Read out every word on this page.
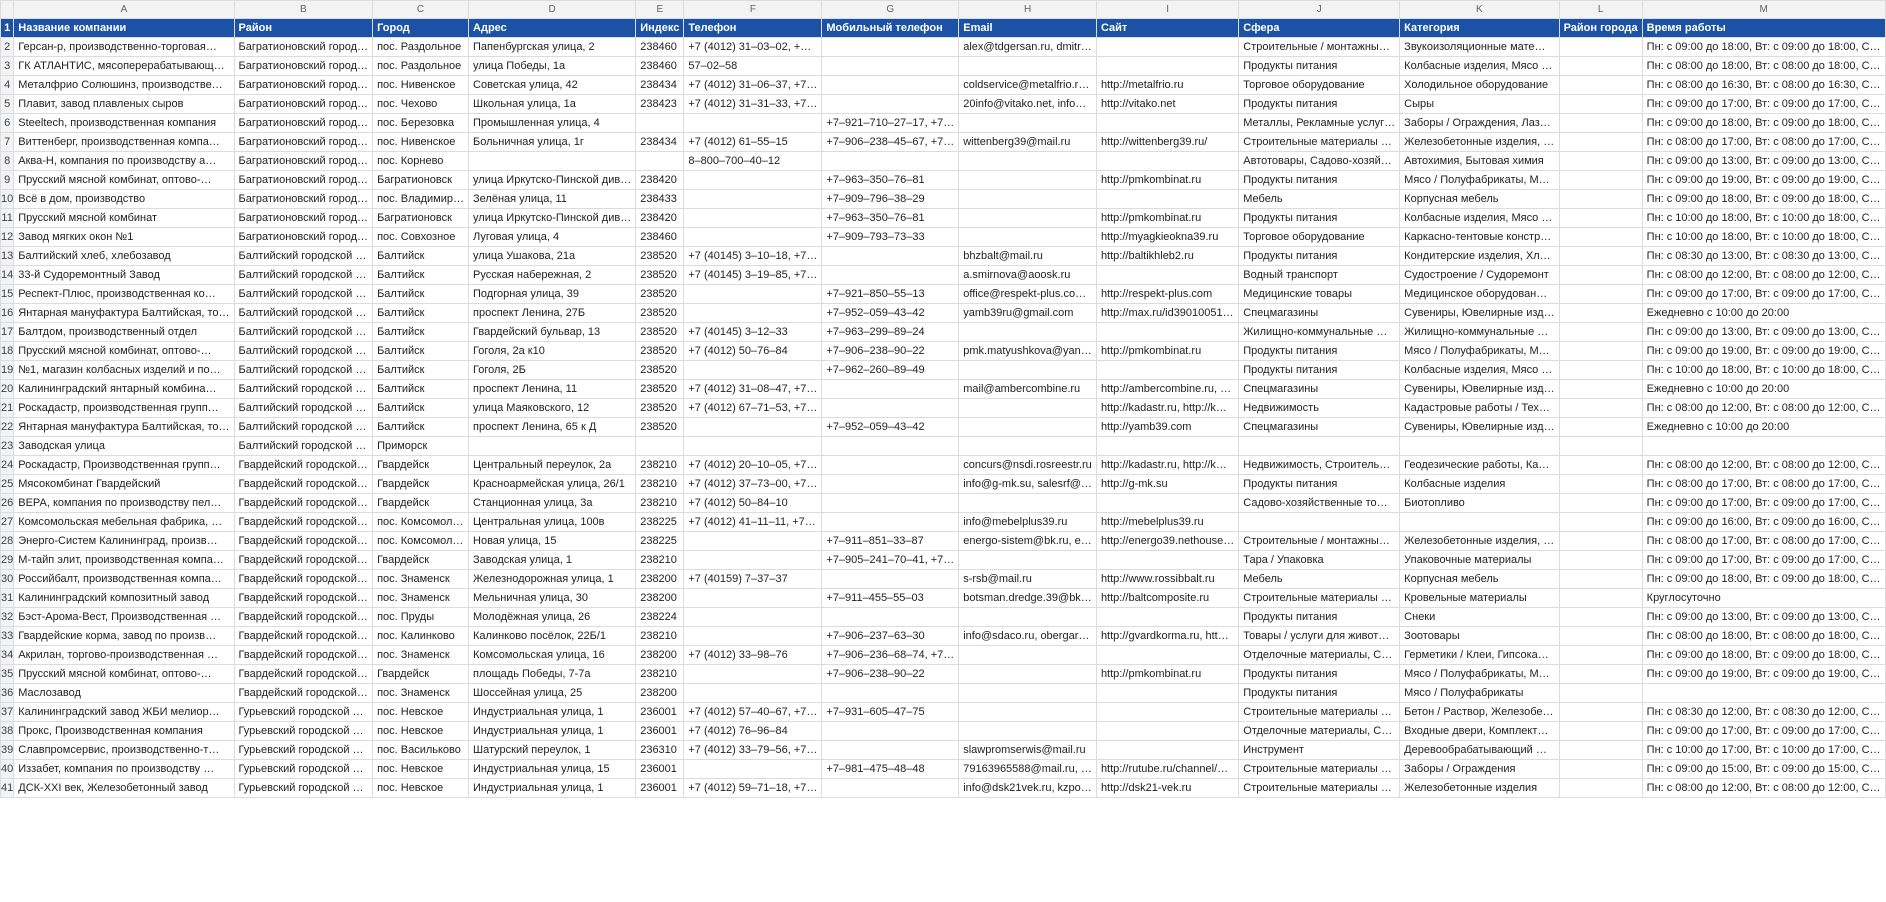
	A	B	C	D	E	F	G	H	I	J	K	L	M
1	Название компании	Район	Город	Адрес	Индекс	Телефон	Мобильный телефон	Email	Сайт	Сфера	Категория	Район города	Время работы
2	Герсан-р, производственно-торговая…	Багратионовский город…	пос. Раздольное	Папенбургская улица, 2	238460	+7 (4012) 31–03–02, +…		alex@tdgersan.ru, dmitr…		Строительные / монтажны…	Звукоизоляционные мате…		Пн: с 09:00 до 18:00, Вт: с 09:00 до 18:00, С…
3	ГК АТЛАНТИС, мясоперерабатывающ…	Багратионовский город…	пос. Раздольное	улица Победы, 1а	238460	57–02–58				Продукты питания	Колбасные изделия, Мясо …		Пн: с 08:00 до 18:00, Вт: с 08:00 до 18:00, С…
4	Металфрио Солюшинз, производстве…	Багратионовский город…	пос. Нивенское	Советская улица, 42	238434	+7 (4012) 31–06–37, +7…		coldservice@metalfrio.r…	http://metalfrio.ru	Торговое оборудование	Холодильное оборудование		Пн: с 08:00 до 16:30, Вт: с 08:00 до 16:30, С…
5	Плавит, завод плавленых сыров	Багратионовский город…	пос. Чехово	Школьная улица, 1а	238423	+7 (4012) 31–31–33, +7…		20info@vitako.net, info…	http://vitako.net	Продукты питания	Сыры		Пн: с 09:00 до 17:00, Вт: с 09:00 до 17:00, С…
6	Steeltech, производственная компания	Багратионовский город…	пос. Березовка	Промышленная улица, 4			+7–921–710–27–17, +7…			Металлы, Рекламные услуг…	Заборы / Ограждения, Лаз…		Пн: с 09:00 до 18:00, Вт: с 09:00 до 18:00, С…
7	Виттенберг, производственная компа…	Багратионовский город…	пос. Нивенское	Больничная улица, 1г	238434	+7 (4012) 61–55–15	+7–906–238–45–67, +7…	wittenberg39@mail.ru	http://wittenberg39.ru/	Строительные материалы …	Железобетонные изделия, …		Пн: с 08:00 до 17:00, Вт: с 08:00 до 17:00, С…
8	Аква-Н, компания по производству а…	Багратионовский город…	пос. Корнево			8–800–700–40–12				Автотовары, Садово-хозяй…	Автохимия, Бытовая химия		Пн: с 09:00 до 13:00, Вт: с 09:00 до 13:00, С…
9	Прусский мясной комбинат, оптово-…	Багратионовский город…	Багратионовск	улица Иркутско-Пинской див…	238420		+7–963–350–76–81		http://pmkombinat.ru	Продукты питания	Мясо / Полуфабрикаты, М…		Пн: с 09:00 до 19:00, Вт: с 09:00 до 19:00, С…
10	Всё в дом, производство	Багратионовский город…	пос. Владимир…	Зелёная улица, 11	238433		+7–909–796–38–29			Мебель	Корпусная мебель		Пн: с 09:00 до 18:00, Вт: с 09:00 до 18:00, С…
11	Прусский мясной комбинат	Багратионовский город…	Багратионовск	улица Иркутско-Пинской див…	238420		+7–963–350–76–81		http://pmkombinat.ru	Продукты питания	Колбасные изделия, Мясо …		Пн: с 10:00 до 18:00, Вт: с 10:00 до 18:00, С…
12	Завод мягких окон №1	Багратионовский город…	пос. Совхозное	Луговая улица, 4	238460		+7–909–793–73–33		http://myagkieokna39.ru	Торговое оборудование	Каркасно-тентовые констр…		Пн: с 10:00 до 18:00, Вт: с 10:00 до 18:00, С…
13	Балтийский хлеб, хлебозавод	Балтийский городской …	Балтийск	улица Ушакова, 21а	238520	+7 (40145) 3–10–18, +7…		bhzbalt@mail.ru	http://baltikhleb2.ru	Продукты питания	Кондитерские изделия, Хл…		Пн: с 08:30 до 13:00, Вт: с 08:30 до 13:00, С…
14	33-й Судоремонтный Завод	Балтийский городской …	Балтийск	Русская набережная, 2	238520	+7 (40145) 3–19–85, +7…		a.smirnova@aoosk.ru		Водный транспорт	Судостроение / Судоремонт		Пн: с 08:00 до 12:00, Вт: с 08:00 до 12:00, С…
15	Респект-Плюс, производственная ко…	Балтийский городской …	Балтийск	Подгорная улица, 39	238520		+7–921–850–55–13	office@respekt-plus.co…	http://respekt-plus.com	Медицинские товары	Медицинское оборудован…		Пн: с 09:00 до 17:00, Вт: с 09:00 до 17:00, С…
16	Янтарная мануфактура Балтийская, то…	Балтийский городской …	Балтийск	проспект Ленина, 27Б	238520		+7–952–059–43–42	yamb39ru@gmail.com	http://max.ru/id39010051…	Спецмагазины	Сувениры, Ювелирные изд…		Ежедневно с 10:00 до 20:00
17	Балтдом, производственный отдел	Балтийский городской …	Балтийск	Гвардейский бульвар, 13	238520	+7 (40145) 3–12–33	+7–963–299–89–24			Жилищно-коммунальные …	Жилищно-коммунальные …		Пн: с 09:00 до 13:00, Вт: с 09:00 до 13:00, С…
18	Прусский мясной комбинат, оптово-…	Балтийский городской …	Балтийск	Гоголя, 2а к10	238520	+7 (4012) 50–76–84	+7–906–238–90–22	pmk.matyushkova@yan…	http://pmkombinat.ru	Продукты питания	Мясо / Полуфабрикаты, М…		Пн: с 09:00 до 19:00, Вт: с 09:00 до 19:00, С…
19	№1, магазин колбасных изделий и по…	Балтийский городской …	Балтийск	Гоголя, 2Б	238520		+7–962–260–89–49			Продукты питания	Колбасные изделия, Мясо …		Пн: с 10:00 до 18:00, Вт: с 10:00 до 18:00, С…
20	Калининградский янтарный комбина…	Балтийский городской …	Балтийск	проспект Ленина, 11	238520	+7 (4012) 31–08–47, +7…		mail@ambercombine.ru	http://ambercombine.ru, …	Спецмагазины	Сувениры, Ювелирные изд…		Ежедневно с 10:00 до 20:00
21	Роскадастр, производственная групп…	Балтийский городской …	Балтийск	улица Маяковского, 12	238520	+7 (4012) 67–71–53, +7…			http://kadastr.ru, http://k…	Недвижимость	Кадастровые работы / Тех…		Пн: с 08:00 до 12:00, Вт: с 08:00 до 12:00, С…
22	Янтарная мануфактура Балтийская, то…	Балтийский городской …	Балтийск	проспект Ленина, 65 к Д	238520		+7–952–059–43–42		http://yamb39.com	Спецмагазины	Сувениры, Ювелирные изд…		Ежедневно с 10:00 до 20:00
23	Заводская улица	Балтийский городской …	Приморск										
24	Роскадастр, Производственная групп…	Гвардейский городской…	Гвардейск	Центральный переулок, 2а	238210	+7 (4012) 20–10–05, +7…		concurs@nsdi.rosreestr.ru	http://kadastr.ru, http://k…	Недвижимость, Строитель…	Геодезические работы, Ка…		Пн: с 08:00 до 12:00, Вт: с 08:00 до 12:00, С…
25	Мясокомбинат Гвардейский	Гвардейский городской…	Гвардейск	Красноармейская улица, 26/1	238210	+7 (4012) 37–73–00, +7…		info@g-mk.su, salesrf@…	http://g-mk.su	Продукты питания	Колбасные изделия		Пн: с 08:00 до 17:00, Вт: с 08:00 до 17:00, С…
26	ВЕРА, компания по производству пел…	Гвардейский городской…	Гвардейск	Станционная улица, 3а	238210	+7 (4012) 50–84–10				Садово-хозяйственные то…	Биотопливо		Пн: с 09:00 до 17:00, Вт: с 09:00 до 17:00, С…
27	Комсомольская мебельная фабрика, …	Гвардейский городской…	пос. Комсомол…	Центральная улица, 100в	238225	+7 (4012) 41–11–11, +7…		info@mebelplus39.ru	http://mebelplus39.ru				Пн: с 09:00 до 16:00, Вт: с 09:00 до 16:00, С…
28	Энерго-Систем Калининград, произв…	Гвардейский городской…	пос. Комсомол…	Новая улица, 15	238225		+7–911–851–33–87	energo-sistem@bk.ru, e…	http://energo39.nethouse…	Строительные / монтажны…	Железобетонные изделия, …		Пн: с 08:00 до 17:00, Вт: с 08:00 до 17:00, С…
29	М-тайп элит, производственная компа…	Гвардейский городской…	Гвардейск	Заводская улица, 1	238210		+7–905–241–70–41, +7…			Тара / Упаковка	Упаковочные материалы		Пн: с 09:00 до 17:00, Вт: с 09:00 до 17:00, С…
30	Российбалт, производственная компа…	Гвардейский городской…	пос. Знаменск	Железнодорожная улица, 1	238200	+7 (40159) 7–37–37		s-rsb@mail.ru	http://www.rossibbalt.ru	Мебель	Корпусная мебель		Пн: с 09:00 до 18:00, Вт: с 09:00 до 18:00, С…
31	Калининградский композитный завод	Гвардейский городской…	пос. Знаменск	Мельничная улица, 30	238200		+7–911–455–55–03	botsman.dredge.39@bk…	http://baltcomposite.ru	Строительные материалы …	Кровельные материалы		Круглосуточно
32	Бэст-Арома-Вест, Производственная …	Гвардейский городской…	пос. Пруды	Молодёжная улица, 26	238224					Продукты питания	Снеки		Пн: с 09:00 до 13:00, Вт: с 09:00 до 13:00, С…
33	Гвардейские корма, завод по произв…	Гвардейский городской…	пос. Калинково	Калинково посёлок, 22Б/1	238210		+7–906–237–63–30	info@sdaco.ru, obergar…	http://gvardkorma.ru, htt…	Товары / услуги для живот…	Зоотовары		Пн: с 08:00 до 18:00, Вт: с 08:00 до 18:00, С…
34	Акрилан, торгово-производственная …	Гвардейский городской…	пос. Знаменск	Комсомольская улица, 16	238200	+7 (4012) 33–98–76	+7–906–236–68–74, +7…			Отделочные материалы, С…	Герметики / Клеи, Гипсока…		Пн: с 09:00 до 18:00, Вт: с 09:00 до 18:00, С…
35	Прусский мясной комбинат, оптово-…	Гвардейский городской…	Гвардейск	площадь Победы, 7-7а	238210		+7–906–238–90–22		http://pmkombinat.ru	Продукты питания	Мясо / Полуфабрикаты, М…		Пн: с 09:00 до 19:00, Вт: с 09:00 до 19:00, С…
36	Маслозавод	Гвардейский городской…	пос. Знаменск	Шоссейная улица, 25	238200					Продукты питания	Мясо / Полуфабрикаты		
37	Калининградский завод ЖБИ мелиор…	Гурьевский городской …	пос. Невское	Индустриальная улица, 1	236001	+7 (4012) 57–40–67, +7…	+7–931–605–47–75			Строительные материалы …	Бетон / Раствор, Железобе…		Пн: с 08:30 до 12:00, Вт: с 08:30 до 12:00, С…
38	Прокс, Производственная компания	Гурьевский городской …	пос. Невское	Индустриальная улица, 1	236001	+7 (4012) 76–96–84				Отделочные материалы, С…	Входные двери, Комплект…		Пн: с 09:00 до 17:00, Вт: с 09:00 до 17:00, С…
39	Славпромсервис, производственно-т…	Гурьевский городской …	пос. Васильково	Шатурский переулок, 1	236310	+7 (4012) 33–79–56, +7…		slawpromserwis@mail.ru		Инструмент	Деревообрабатывающий …		Пн: с 10:00 до 17:00, Вт: с 10:00 до 17:00, С…
40	Иззабет, компания по производству …	Гурьевский городской …	пос. Невское	Индустриальная улица, 15	236001		+7–981–475–48–48	79163965588@mail.ru, …	http://rutube.ru/channel/…	Строительные материалы …	Заборы / Ограждения		Пн: с 09:00 до 15:00, Вт: с 09:00 до 15:00, С…
41	ДСК-XXI век, Железобетонный завод	Гурьевский городской …	пос. Невское	Индустриальная улица, 1	236001	+7 (4012) 59–71–18, +7…		info@dsk21vek.ru, kzpo…	http://dsk21-vek.ru	Строительные материалы …	Железобетонные изделия		Пн: с 08:00 до 12:00, Вт: с 08:00 до 12:00, С…
